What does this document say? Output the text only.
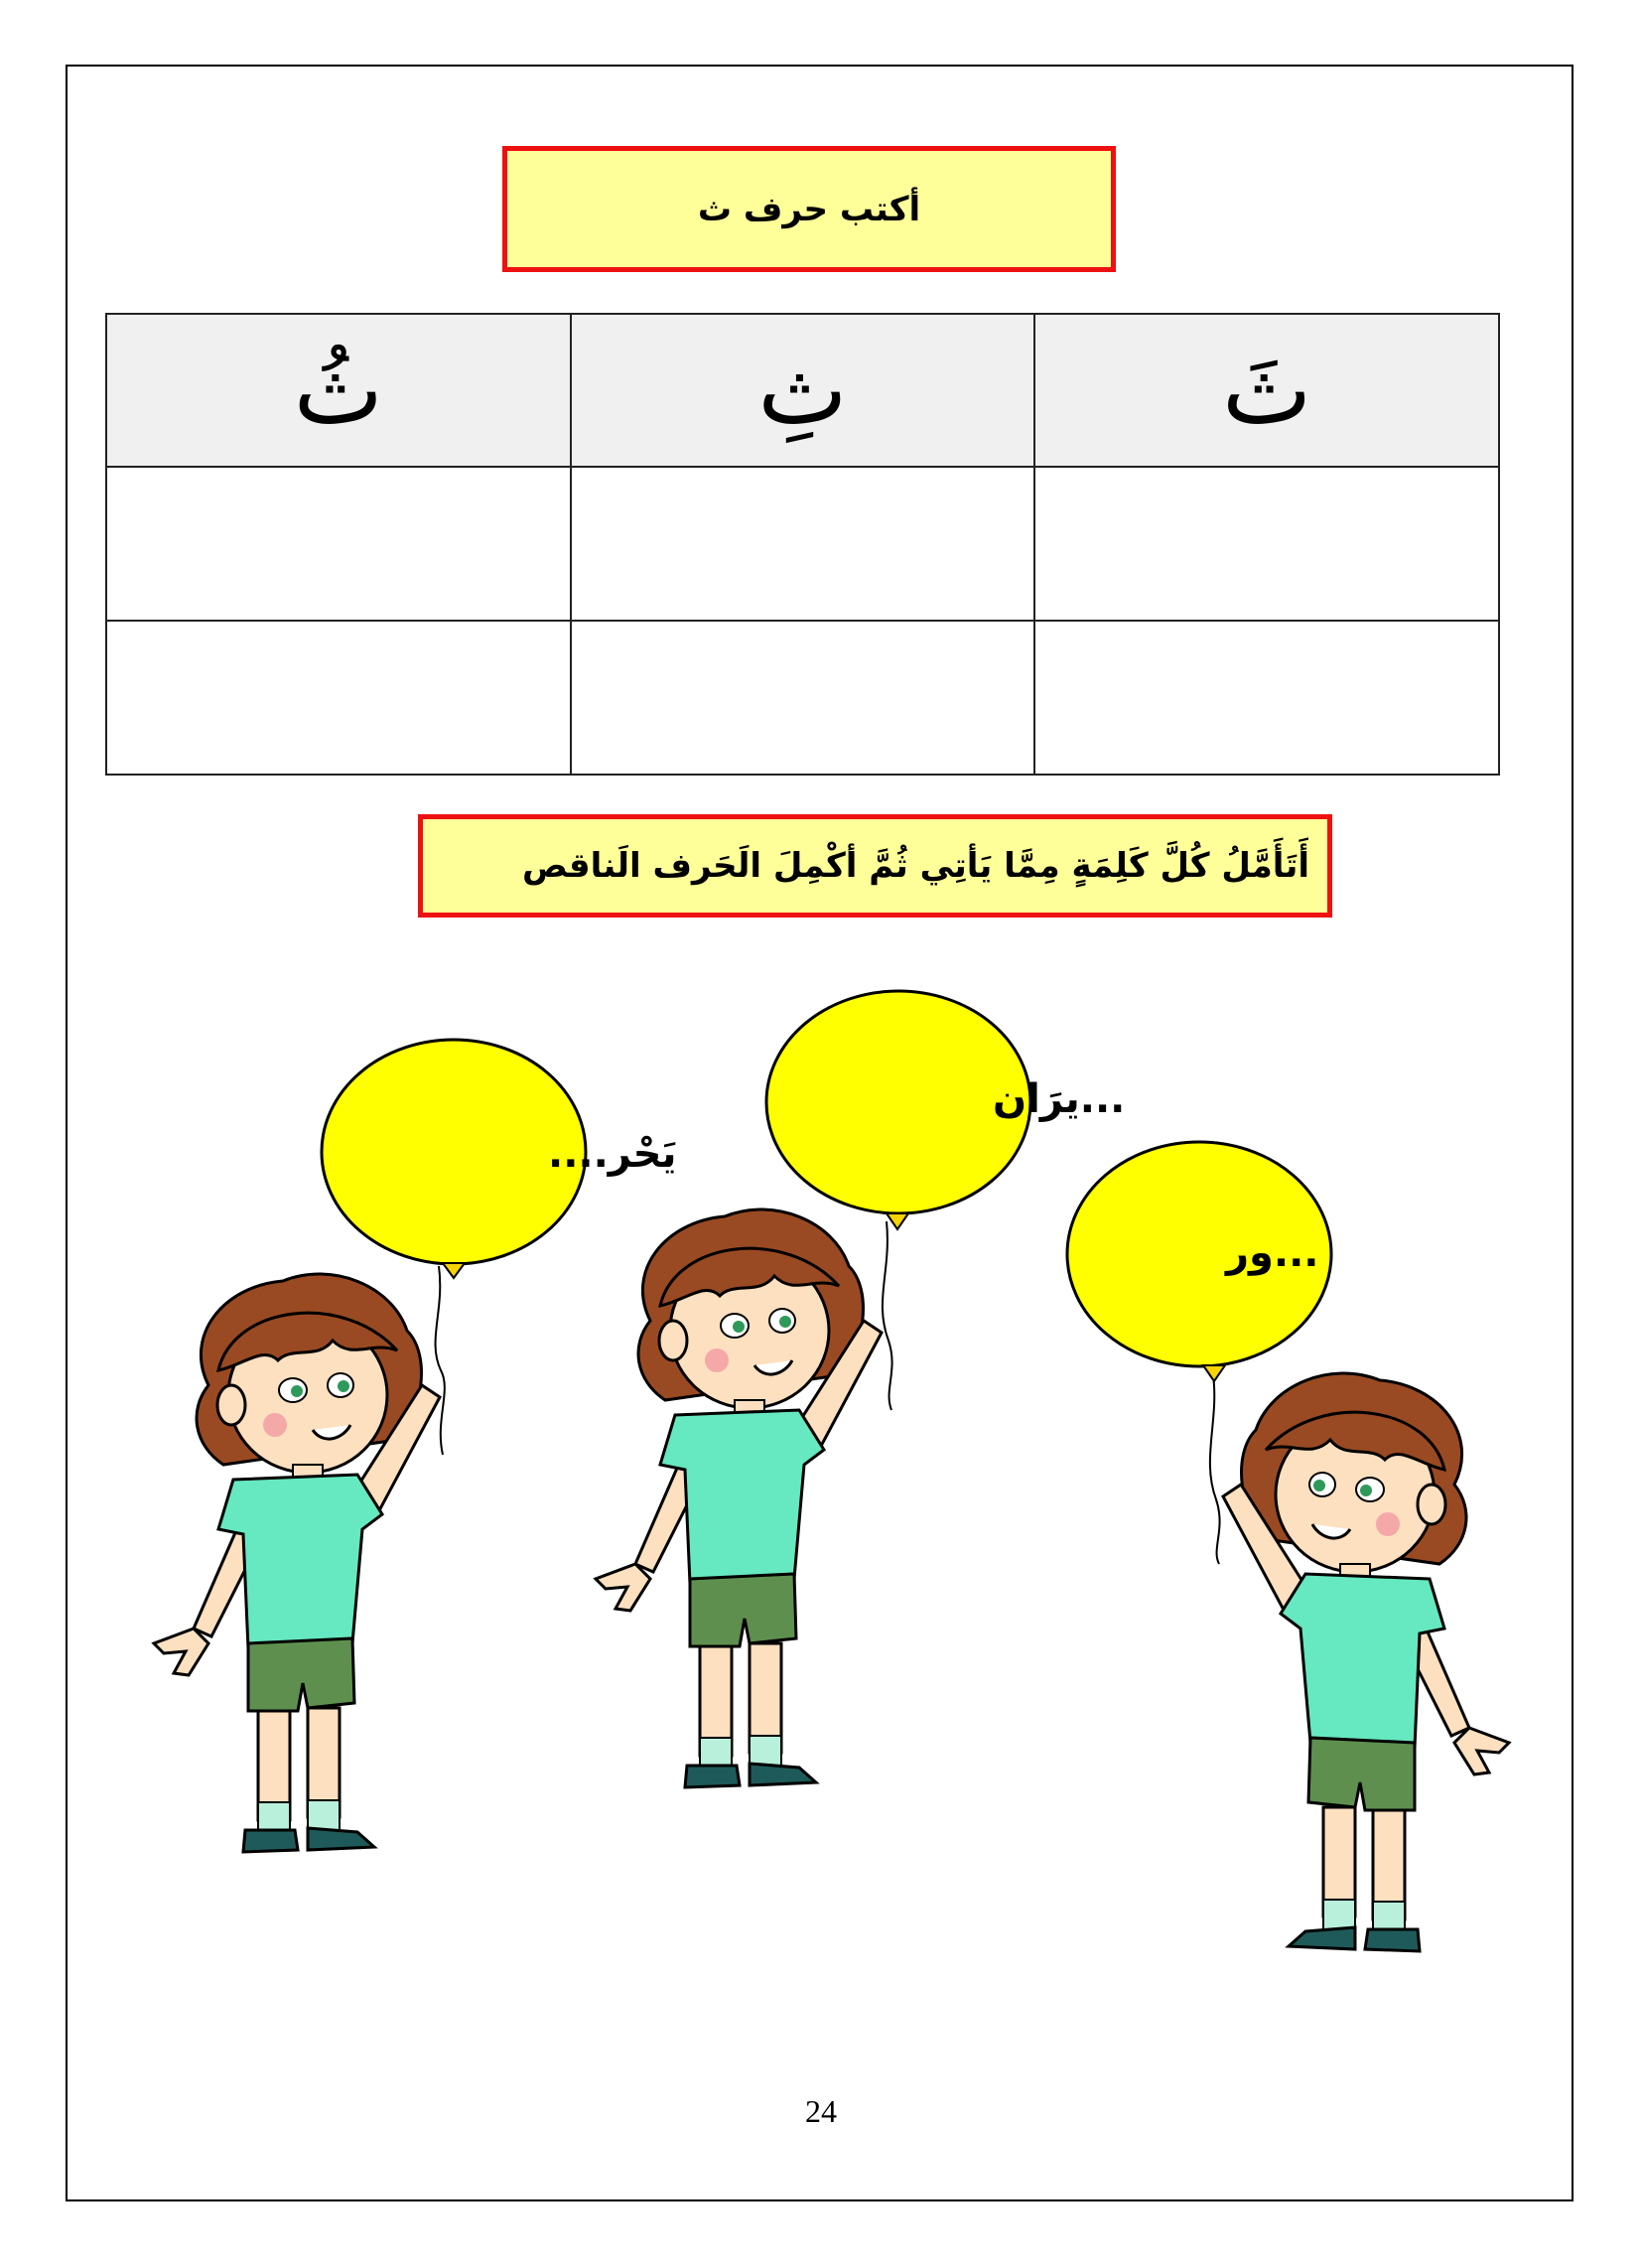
أكتب حرف ث
ثُ	ثِ	ثَ

أَتَأَمَّلُ كُلَّ كَلِمَةٍ مِمَّا يَأتِي ثُمَّ أكْمِلَ الَحَرف الَناقص
يَحْر....
...يرَان
...ور
24
